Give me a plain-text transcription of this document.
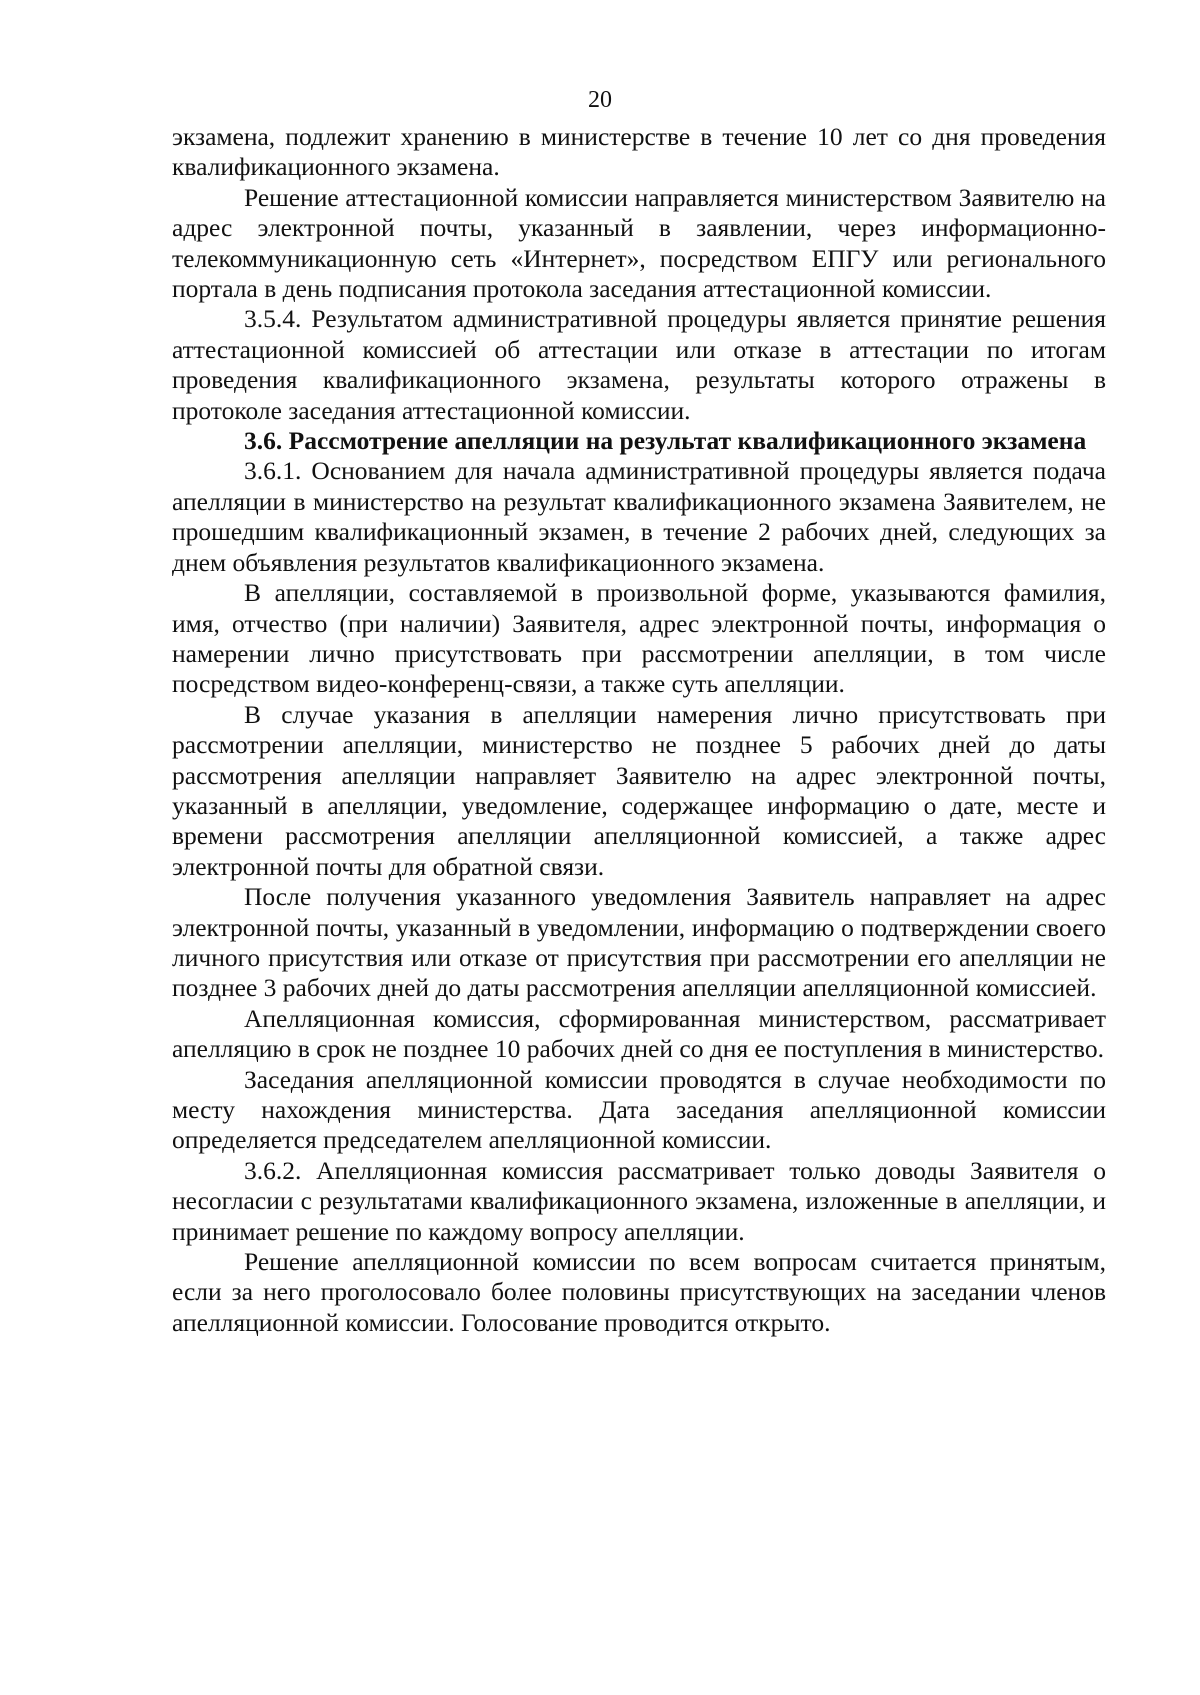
20

экзамена, подлежит хранению в министерстве в течение 10 лет со дня проведения квалификационного экзамена.

Решение аттестационной комиссии направляется министерством Заявителю на адрес электронной почты, указанный в заявлении, через информационно-телекоммуникационную сеть «Интернет», посредством ЕПГУ или регионального портала в день подписания протокола заседания аттестационной комиссии.

3.5.4. Результатом административной процедуры является принятие решения аттестационной комиссией об аттестации или отказе в аттестации по итогам проведения квалификационного экзамена, результаты которого отражены в протоколе заседания аттестационной комиссии.

3.6. Рассмотрение апелляции на результат квалификационного экзамена

3.6.1. Основанием для начала административной процедуры является подача апелляции в министерство на результат квалификационного экзамена Заявителем, не прошедшим квалификационный экзамен, в течение 2 рабочих дней, следующих за днем объявления результатов квалификационного экзамена.

В апелляции, составляемой в произвольной форме, указываются фамилия, имя, отчество (при наличии) Заявителя, адрес электронной почты, информация о намерении лично присутствовать при рассмотрении апелляции, в том числе посредством видео-конференц-связи, а также суть апелляции.

В случае указания в апелляции намерения лично присутствовать при рассмотрении апелляции, министерство не позднее 5 рабочих дней до даты рассмотрения апелляции направляет Заявителю на адрес электронной почты, указанный в апелляции, уведомление, содержащее информацию о дате, месте и времени рассмотрения апелляции апелляционной комиссией, а также адрес электронной почты для обратной связи.

После получения указанного уведомления Заявитель направляет на адрес электронной почты, указанный в уведомлении, информацию о подтверждении своего личного присутствия или отказе от присутствия при рассмотрении его апелляции не позднее 3 рабочих дней до даты рассмотрения апелляции апелляционной комиссией.

Апелляционная комиссия, сформированная министерством, рассматривает апелляцию в срок не позднее 10 рабочих дней со дня ее поступления в министерство.

Заседания апелляционной комиссии проводятся в случае необходимости по месту нахождения министерства. Дата заседания апелляционной комиссии определяется председателем апелляционной комиссии.

3.6.2. Апелляционная комиссия рассматривает только доводы Заявителя о несогласии с результатами квалификационного экзамена, изложенные в апелляции, и принимает решение по каждому вопросу апелляции.

Решение апелляционной комиссии по всем вопросам считается принятым, если за него проголосовало более половины присутствующих на заседании членов апелляционной комиссии. Голосование проводится открыто.
